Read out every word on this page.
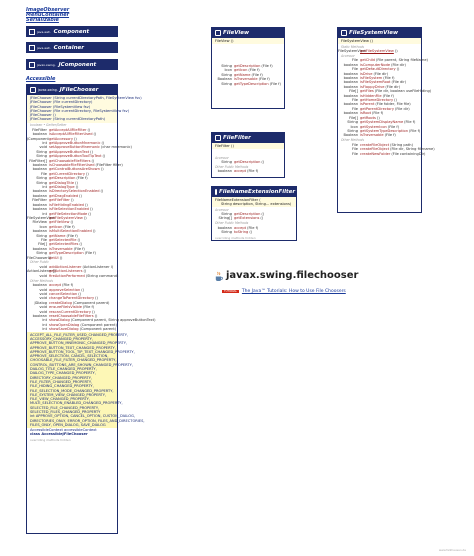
ImageObserver
MenuContainer
Serializable
java.awt. Component
java.awt. Container
javax.swing. JComponent
Accessible
javax.swing. JFileChooser
JFileChooser (String currentDirectoryPath, FileSystemView fsv)
JFileChooser (File currentDirectory)
JFileChooser (FileSystemView fsv)
JFileChooser (File currentDirectory, FileSystemView fsv)
JFileChooser ()
JFileChooser (String currentDirectoryPath)
boolean • Getter/Setter
FileFilter getAcceptAllFileFilter ()
boolean isAcceptAllFileFilterUsed ()
JComponent getAccessory ()
int getApproveButtonMnemonic ()
void setApproveButtonMnemonic (char mnemonic)
String getApproveButtonText ()
String getApproveButtonToolTipText ()
FileFilter[] getChoosableFileFilters ()
boolean isChoosableFileFilterUsed (FileFilter filter)
boolean getControlButtonsAreShown ()
File getCurrentDirectory ()
String getDescription (File f)
String getDialogTitle ()
int getDialogType ()
boolean isDirectorySelectionEnabled ()
boolean getDragEnabled ()
FileFilter getFileFilter ()
boolean isFileHidingEnabled ()
boolean isFileSelectionEnabled ()
int getFileSelectionMode ()
FileSystemView
getFileSystemView ()
FileView getFileView ()
Icon getIcon (File f)
boolean isMultiSelectionEnabled ()
String getName (File f)
File getSelectedFile ()
File[] getSelectedFiles ()
boolean isTraversable (File f)
String getTypeDescription (File f)
FileChooserUI
getUI ()
Other Public
void addActionListener (ActionListener l)
ActionListener[]
getActionListeners ()
void fireActionPerformed (String command)
Other Methods
boolean accept (File f)
void approveSelection ()
void cancelSelection ()
void changeToParentDirectory ()
JDialog createDialog (Component parent)
void ensureFileIsVisible (File f)
void rescanCurrentDirectory ()
boolean resetChoosableFileFilters ()
int showDialog (Component parent, String approveButtonText)
int showOpenDialog (Component parent)
int showSaveDialog (Component parent)
ACCEPT_ALL_FILE_FILTER_USED_CHANGED_PROPERTY,
ACCESSORY_CHANGED_PROPERTY,
APPROVE_BUTTON_MNEMONIC_CHANGED_PROPERTY,
APPROVE_BUTTON_TEXT_CHANGED_PROPERTY,
APPROVE_BUTTON_TOOL_TIP_TEXT_CHANGED_PROPERTY,
APPROVE_SELECTION, CANCEL_SELECTION,
CHOOSABLE_FILE_FILTER_CHANGED_PROPERTY,
CONTROL_BUTTONS_ARE_SHOWN_CHANGED_PROPERTY,
DIALOG_TITLE_CHANGED_PROPERTY,
DIALOG_TYPE_CHANGED_PROPERTY,
DIRECTORY_CHANGED_PROPERTY,
FILE_FILTER_CHANGED_PROPERTY,
FILE_HIDING_CHANGED_PROPERTY,
FILE_SELECTION_MODE_CHANGED_PROPERTY,
FILE_SYSTEM_VIEW_CHANGED_PROPERTY,
FILE_VIEW_CHANGED_PROPERTY,
MULTI_SELECTION_ENABLED_CHANGED_PROPERTY,
SELECTED_FILE_CHANGED_PROPERTY,
SELECTED_FILES_CHANGED_PROPERTY
int APPROVE_OPTION, CANCEL_OPTION, CUSTOM_DIALOG,
DIRECTORIES_ONLY, ERROR_OPTION, FILES_AND_DIRECTORIES,
FILES_ONLY, OPEN_DIALOG, SAVE_DIALOG
AccessibleContext accessibleContext
class AccessibleJFileChooser
overriding methods hidden
FileView
FileView ()
String getDescription (File f)
Icon getIcon (File f)
String getName (File f)
Boolean isTraversable (File f)
String getTypeDescription (File f)
FileFilter
FileFilter ()
Accessor
String getDescription ()
Other Public Methods
boolean accept (File f)
FileNameExtensionFilter
FileNameExtensionFilter (
String description, String... extensions)
Accessor
String getDescription ()
String[] getExtensions ()
Other Public Methods
boolean accept (File f)
String toString ()
overriding methods hidden
FileSystemView
FileSystemView ()
Static Methods
FileSystemView
getFileSystemView ()
Accessor
File getChild (File parent, String fileName)
boolean isComputerNode (File dir)
File getDefaultDirectory ()
boolean isDrive (File dir)
boolean isFileSystem (File f)
boolean isFileSystemRoot (File dir)
boolean isFloppyDrive (File dir)
File[] getFiles (File dir, boolean useFileHiding)
boolean isHiddenFile (File f)
File getHomeDirectory ()
boolean isParent (File folder, File file)
File getParentDirectory (File dir)
boolean isRoot (File f)
File[] getRoots ()
String getSystemDisplayName (File f)
Icon getSystemIcon (File f)
String getSystemTypeDescription (File f)
Boolean isTraversable (File f)
Other Methods
File createFileObject (String path)
File createFileObject (File dir, String filename)
File createNewFolder (File containingDir)
javax.swing.filechooser
TUTORIAL	The Java™ Tutorials: How to Use File Choosers
www.falkhausen.de
